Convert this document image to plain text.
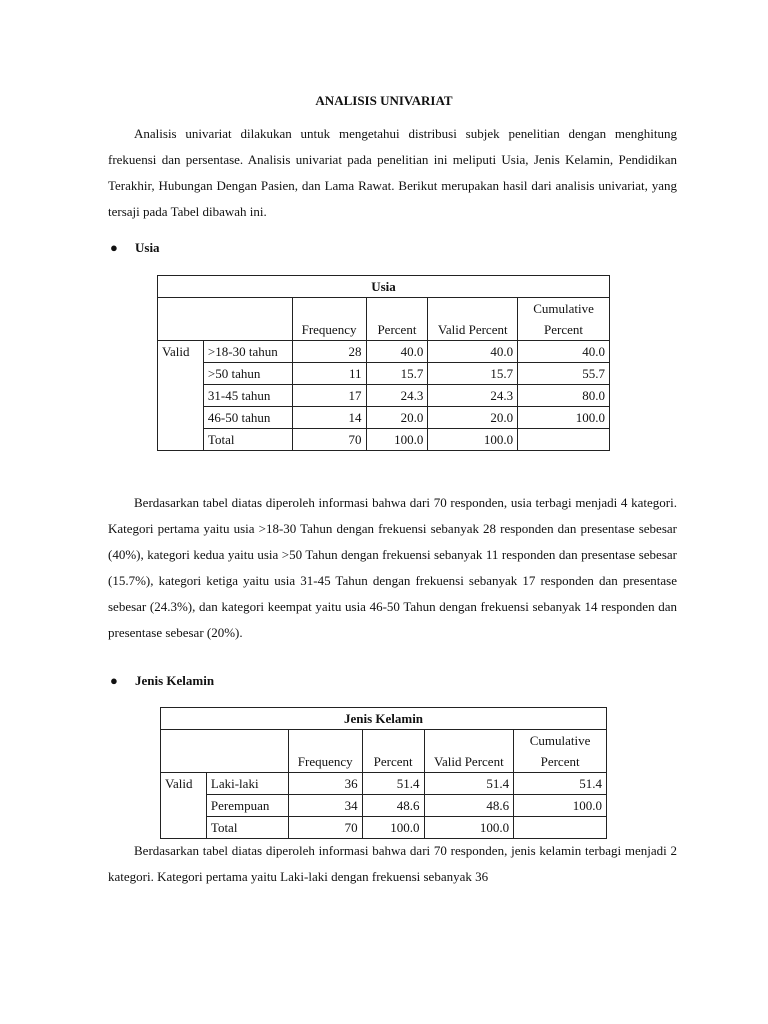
ANALISIS UNIVARIAT

Analisis univariat dilakukan untuk mengetahui distribusi subjek penelitian dengan menghitung frekuensi dan persentase. Analisis univariat pada penelitian ini meliputi Usia, Jenis Kelamin, Pendidikan Terakhir, Hubungan Dengan Pasien, dan Lama Rawat. Berikut merupakan hasil dari analisis univariat, yang tersaji pada Tabel dibawah ini.

● Usia
Usia					
		Frequency	Percent	Valid Percent	Cumulative Percent
Valid	>18-30 tahun	28	40.0	40.0	40.0
	>50 tahun	11	15.7	15.7	55.7
	31-45 tahun	17	24.3	24.3	80.0
	46-50 tahun	14	20.0	20.0	100.0
	Total	70	100.0	100.0	

Berdasarkan tabel diatas diperoleh informasi bahwa dari 70 responden, usia terbagi menjadi 4 kategori. Kategori pertama yaitu usia >18-30 Tahun dengan frekuensi sebanyak 28 responden dan presentase sebesar (40%), kategori kedua yaitu usia >50 Tahun dengan frekuensi sebanyak 11 responden dan presentase sebesar (15.7%), kategori ketiga yaitu usia 31-45 Tahun dengan frekuensi sebanyak 17 responden dan presentase sebesar (24.3%), dan kategori keempat yaitu usia 46-50 Tahun dengan frekuensi sebanyak 14 responden dan presentase sebesar (20%).

● Jenis Kelamin
Jenis Kelamin					
		Frequency	Percent	Valid Percent	Cumulative Percent
Valid	Laki-laki	36	51.4	51.4	51.4
	Perempuan	34	48.6	48.6	100.0
	Total	70	100.0	100.0	

Berdasarkan tabel diatas diperoleh informasi bahwa dari 70 responden, jenis kelamin terbagi menjadi 2 kategori. Kategori pertama yaitu Laki-laki dengan frekuensi sebanyak 36
